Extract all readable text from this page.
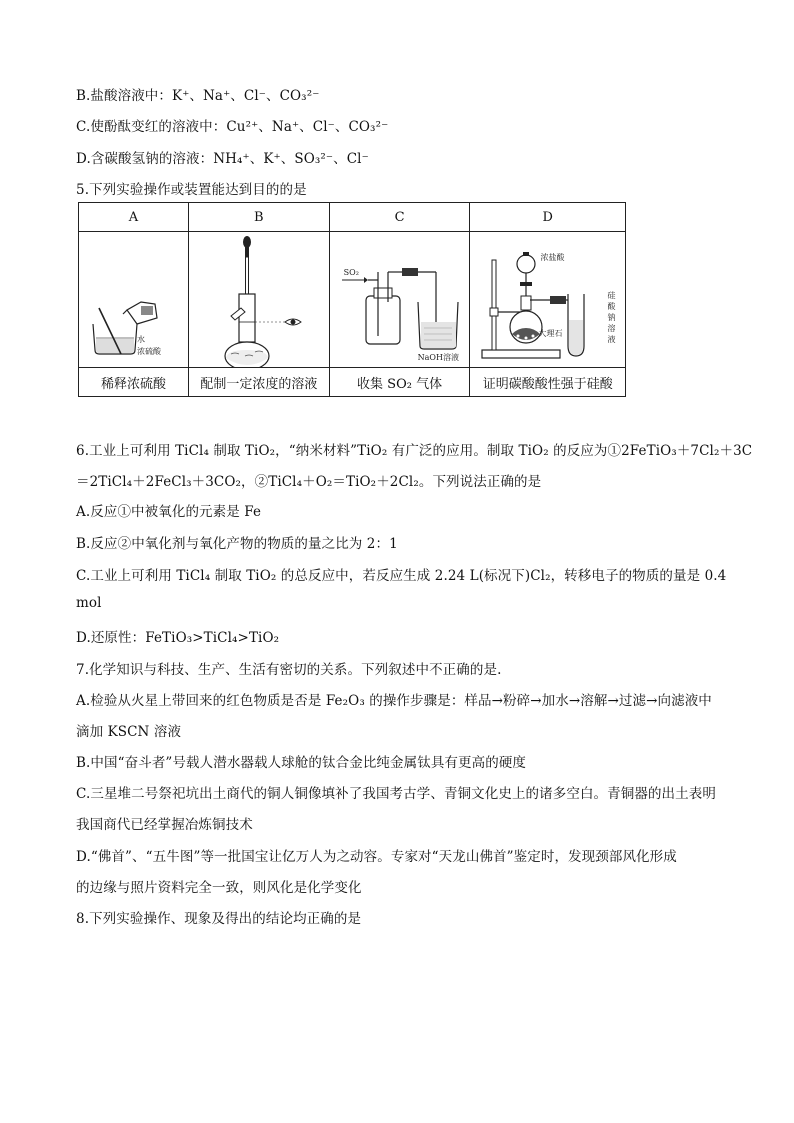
B.盐酸溶液中：K⁺、Na⁺、Cl⁻、CO₃²⁻
C.使酚酞变红的溶液中：Cu²⁺、Na⁺、Cl⁻、CO₃²⁻
D.含碳酸氢钠的溶液：NH₄⁺、K⁺、SO₃²⁻、Cl⁻
5.下列实验操作或装置能达到目的的是
A	B	C	D

水
浓硫酸		SO₂
NaOH溶液	浓盐酸
大理石
硅酸钠溶液

稀释浓硫酸	配制一定浓度的溶液	收集 SO₂ 气体	证明碳酸酸性强于硅酸
6.工业上可利用 TiCl₄ 制取 TiO₂，“纳米材料”TiO₂ 有广泛的应用。制取 TiO₂ 的反应为①2FeTiO₃＋7Cl₂＋3C
＝2TiCl₄＋2FeCl₃＋3CO₂，②TiCl₄＋O₂＝TiO₂＋2Cl₂。下列说法正确的是
A.反应①中被氧化的元素是 Fe
B.反应②中氧化剂与氧化产物的物质的量之比为 2：1
C.工业上可利用 TiCl₄ 制取 TiO₂ 的总反应中，若反应生成 2.24 L(标况下)Cl₂，转移电子的物质的量是 0.4
mol
D.还原性：FeTiO₃>TiCl₄>TiO₂
7.化学知识与科技、生产、生活有密切的关系。下列叙述中不正确的是.
A.检验从火星上带回来的红色物质是否是 Fe₂O₃ 的操作步骤是：样品→粉碎→加水→溶解→过滤→向滤液中
滴加 KSCN 溶液
B.中国“奋斗者”号载人潜水器载人球舱的钛合金比纯金属钛具有更高的硬度
C.三星堆二号祭祀坑出土商代的铜人铜像填补了我国考古学、青铜文化史上的诸多空白。青铜器的出土表明
我国商代已经掌握冶炼铜技术
D.“佛首”、“五牛图”等一批国宝让亿万人为之动容。专家对“天龙山佛首”鉴定时，发现颈部风化形成
的边缘与照片资料完全一致，则风化是化学变化
8.下列实验操作、现象及得出的结论均正确的是
